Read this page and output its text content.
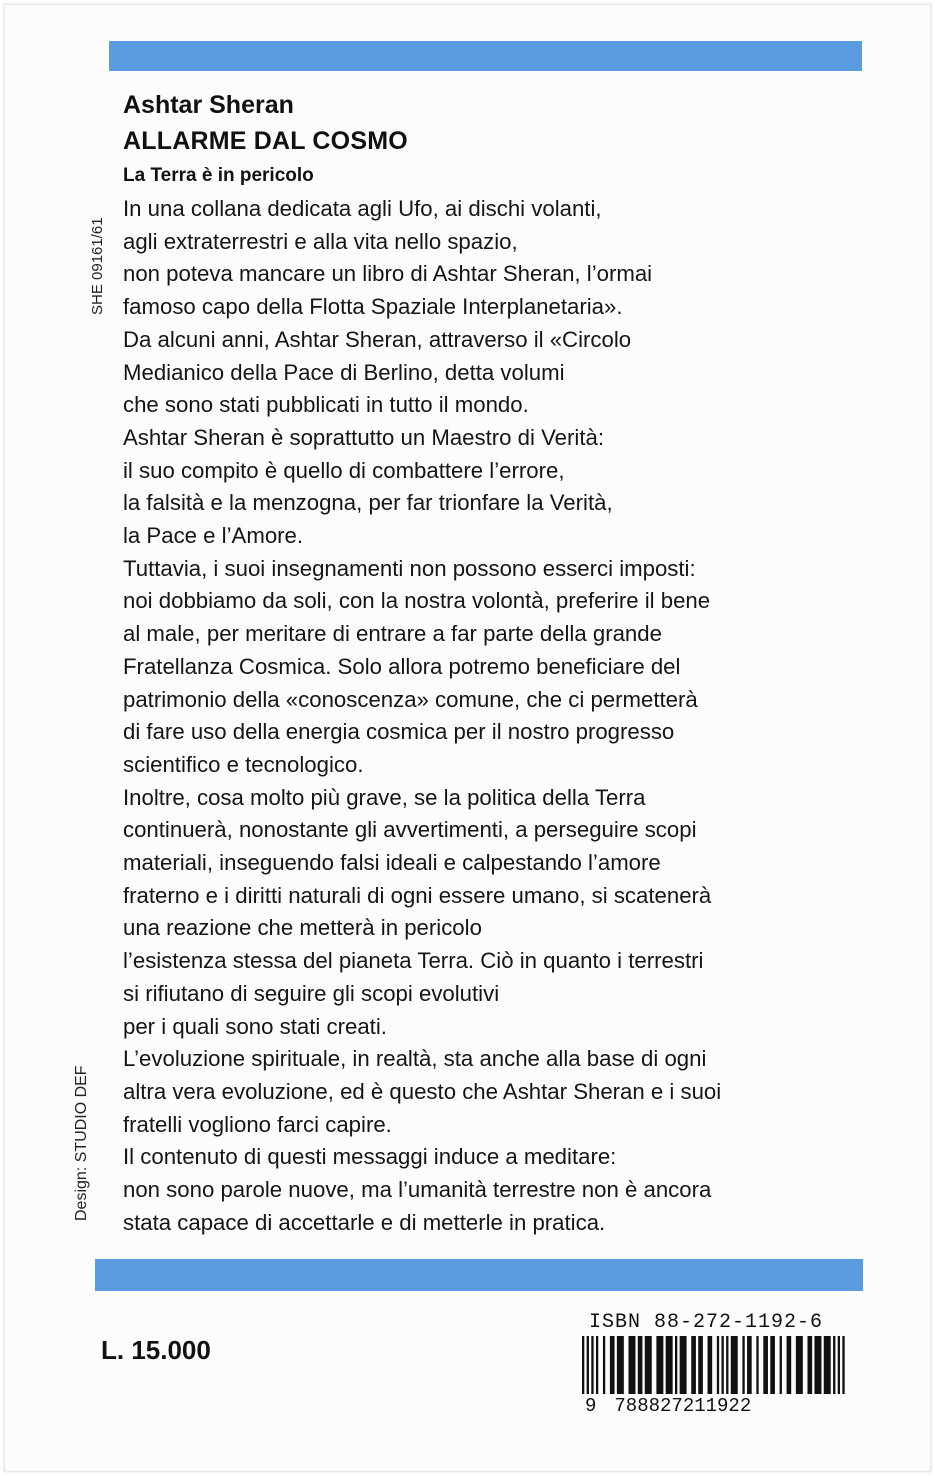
SHE 09161/61
Ashtar Sheran
ALLARME DAL COSMO
La Terra è in pericolo
In una collana dedicata agli Ufo, ai dischi volanti,
agli extraterrestri e alla vita nello spazio,
non poteva mancare un libro di Ashtar Sheran, l’ormai
famoso capo della Flotta Spaziale Interplanetaria».
Da alcuni anni, Ashtar Sheran, attraverso il «Circolo
Medianico della Pace di Berlino, detta volumi
che sono stati pubblicati in tutto il mondo.
Ashtar Sheran è soprattutto un Maestro di Verità:
il suo compito è quello di combattere l’errore,
la falsità e la menzogna, per far trionfare la Verità,
la Pace e l’Amore.
Tuttavia, i suoi insegnamenti non possono esserci imposti:
noi dobbiamo da soli, con la nostra volontà, preferire il bene
al male, per meritare di entrare a far parte della grande
Fratellanza Cosmica. Solo allora potremo beneficiare del
patrimonio della «conoscenza» comune, che ci permetterà
di fare uso della energia cosmica per il nostro progresso
scientifico e tecnologico.
Inoltre, cosa molto più grave, se la politica della Terra
continuerà, nonostante gli avvertimenti, a perseguire scopi
materiali, inseguendo falsi ideali e calpestando l’amore
fraterno e i diritti naturali di ogni essere umano, si scatenerà
una reazione che metterà in pericolo
l’esistenza stessa del pianeta Terra. Ciò in quanto i terrestri
si rifiutano di seguire gli scopi evolutivi
per i quali sono stati creati.
L’evoluzione spirituale, in realtà, sta anche alla base di ogni
altra vera evoluzione, ed è questo che Ashtar Sheran e i suoi
fratelli vogliono farci capire.
Il contenuto di questi messaggi induce a meditare:
non sono parole nuove, ma l’umanità terrestre non è ancora
stata capace di accettarle e di metterle in pratica.
Design: STUDIO DEF
L. 15.000
ISBN 88-272-1192-6
9 788827211922
